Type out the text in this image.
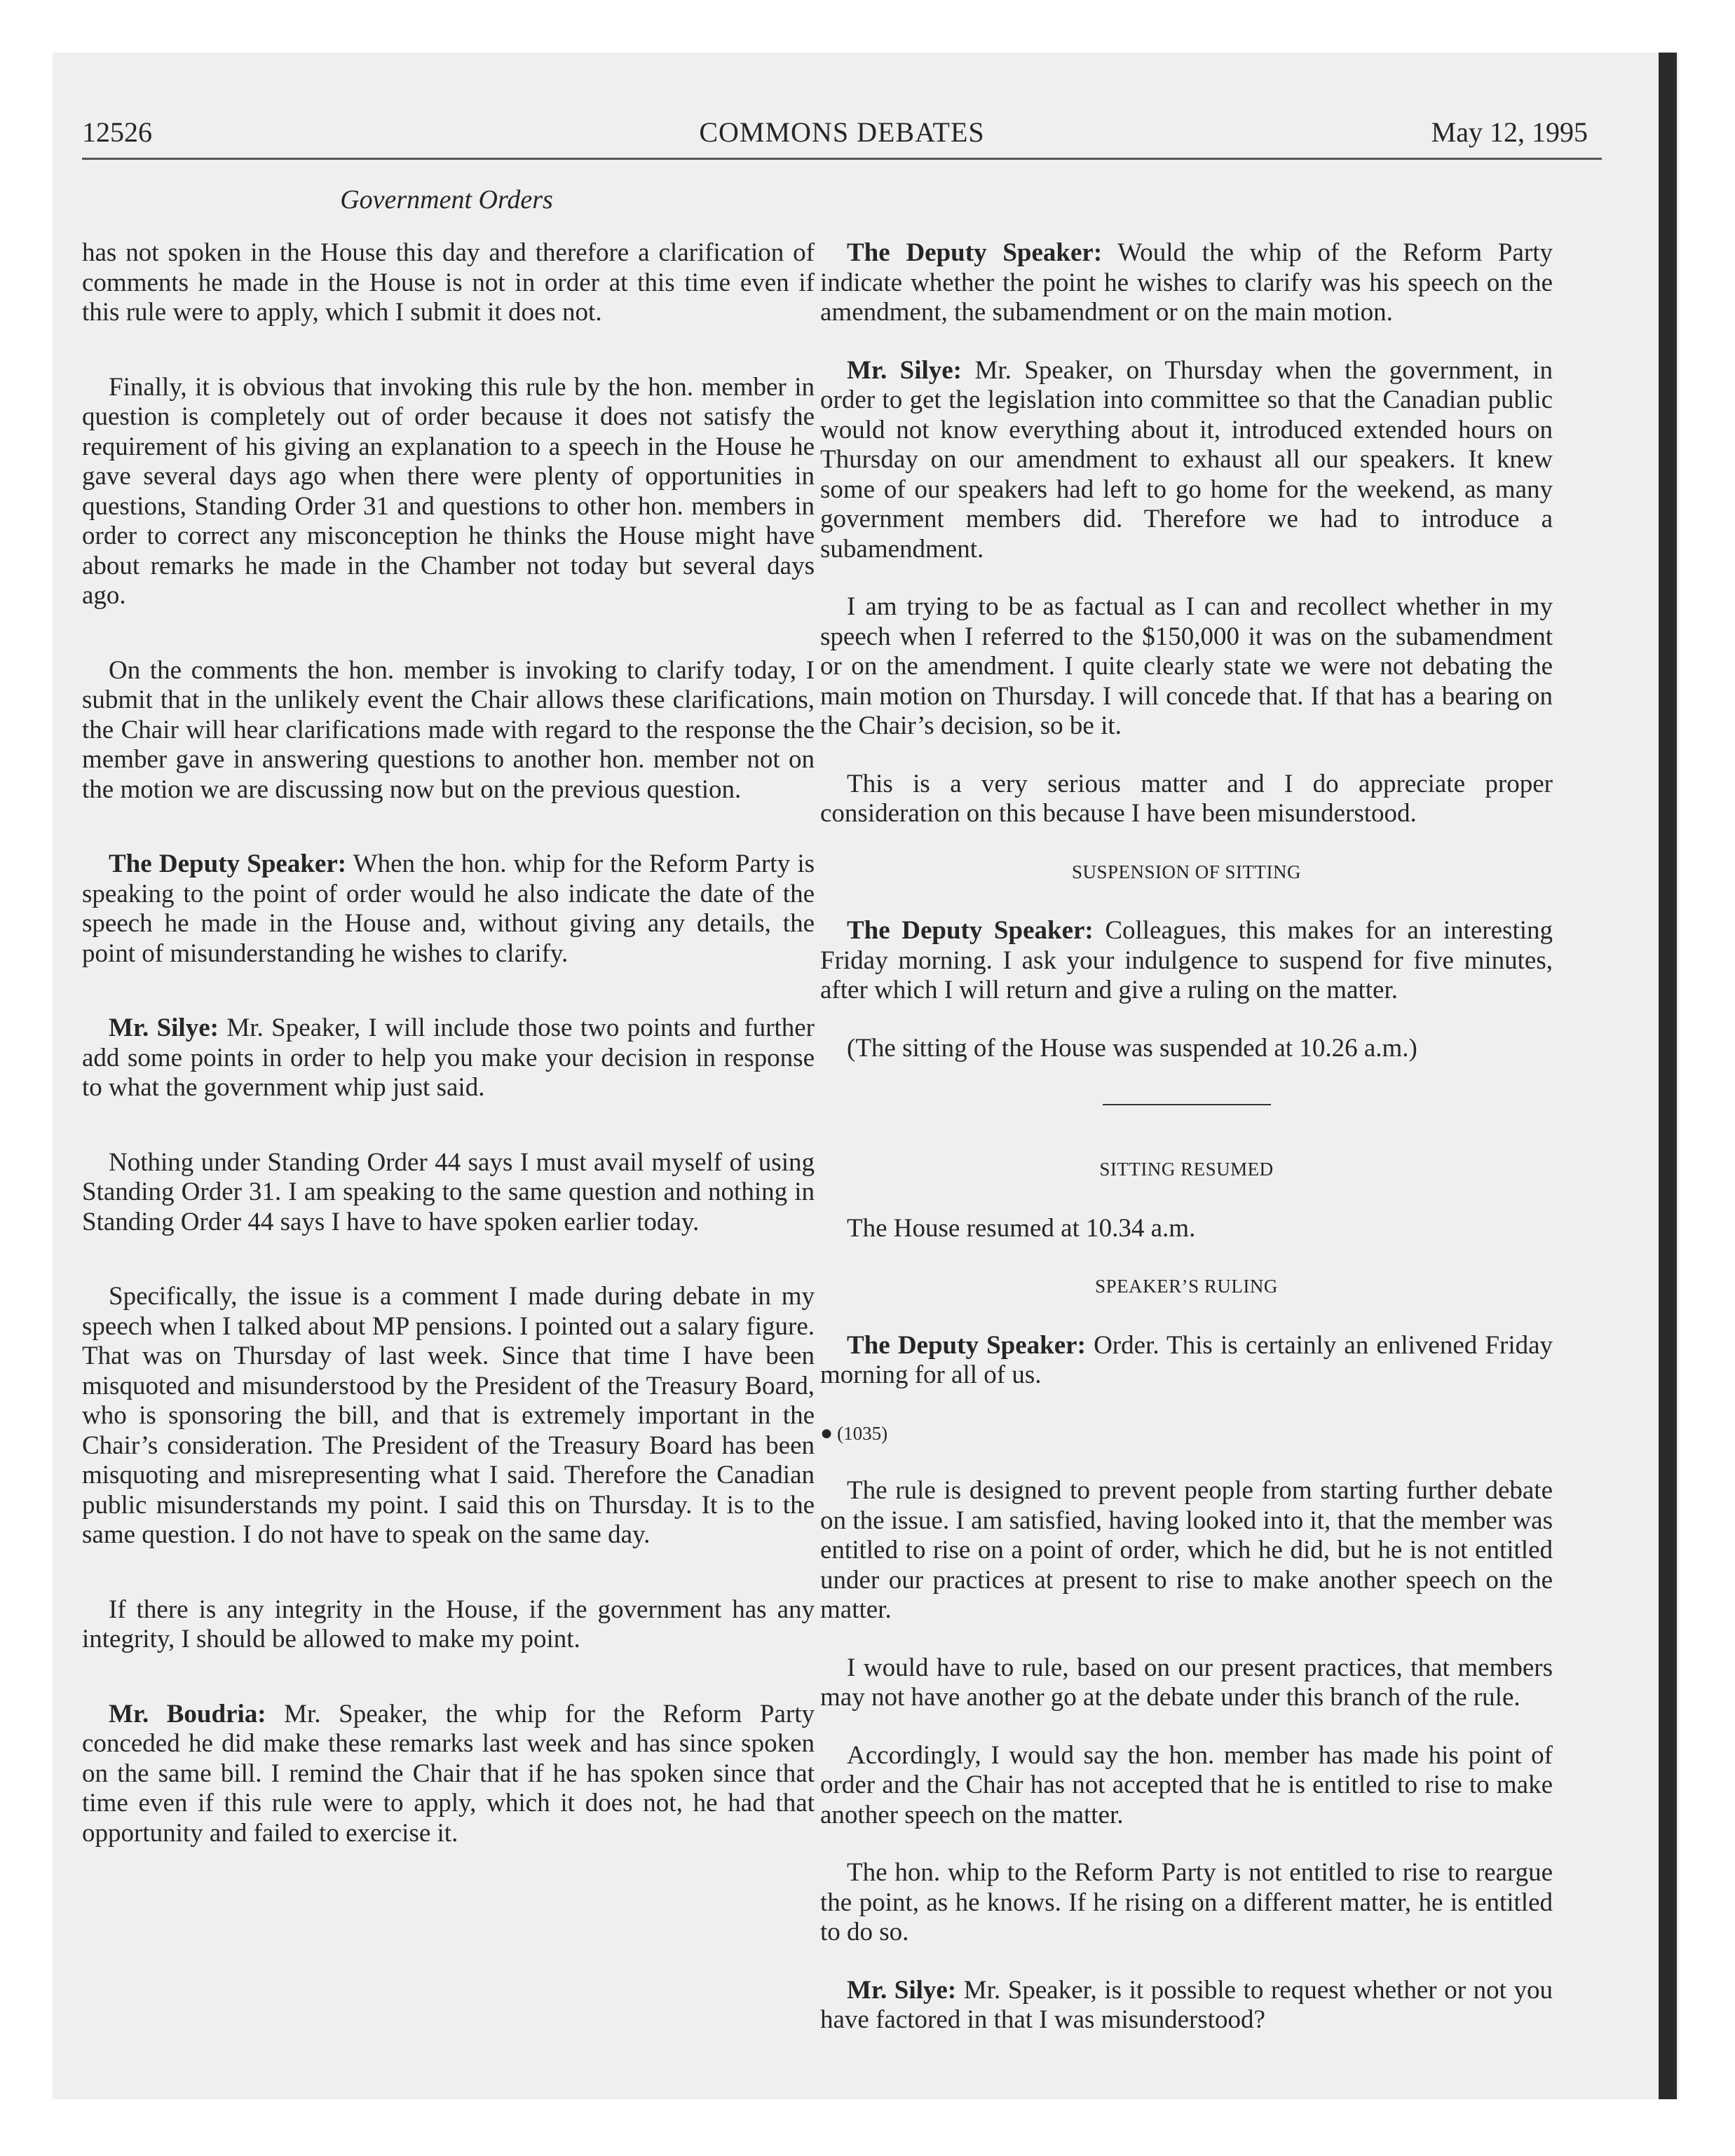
12526	COMMONS DEBATES	May 12, 1995
Government Orders

has not spoken in the House this day and therefore a clarification of comments he made in the House is not in order at this time even if this rule were to apply, which I submit it does not.

Finally, it is obvious that invoking this rule by the hon. member in question is completely out of order because it does not satisfy the requirement of his giving an explanation to a speech in the House he gave several days ago when there were plenty of opportunities in questions, Standing Order 31 and questions to other hon. members in order to correct any misconception he thinks the House might have about remarks he made in the Chamber not today but several days ago.

On the comments the hon. member is invoking to clarify today, I submit that in the unlikely event the Chair allows these clarifications, the Chair will hear clarifications made with regard to the response the member gave in answering questions to another hon. member not on the motion we are discussing now but on the previous question.

The Deputy Speaker: When the hon. whip for the Reform Party is speaking to the point of order would he also indicate the date of the speech he made in the House and, without giving any details, the point of misunderstanding he wishes to clarify.

Mr. Silye: Mr. Speaker, I will include those two points and further add some points in order to help you make your decision in response to what the government whip just said.

Nothing under Standing Order 44 says I must avail myself of using Standing Order 31. I am speaking to the same question and nothing in Standing Order 44 says I have to have spoken earlier today.

Specifically, the issue is a comment I made during debate in my speech when I talked about MP pensions. I pointed out a salary figure. That was on Thursday of last week. Since that time I have been misquoted and misunderstood by the President of the Treasury Board, who is sponsoring the bill, and that is extremely important in the Chair’s consideration. The President of the Treasury Board has been misquoting and misrepresenting what I said. Therefore the Canadian public misunderstands my point. I said this on Thursday. It is to the same question. I do not have to speak on the same day.

If there is any integrity in the House, if the government has any integrity, I should be allowed to make my point.

Mr. Boudria: Mr. Speaker, the whip for the Reform Party conceded he did make these remarks last week and has since spoken on the same bill. I remind the Chair that if he has spoken since that time even if this rule were to apply, which it does not, he had that opportunity and failed to exercise it.

The Deputy Speaker: Would the whip of the Reform Party indicate whether the point he wishes to clarify was his speech on the amendment, the subamendment or on the main motion.

Mr. Silye: Mr. Speaker, on Thursday when the government, in order to get the legislation into committee so that the Canadian public would not know everything about it, introduced extended hours on Thursday on our amendment to exhaust all our speakers. It knew some of our speakers had left to go home for the weekend, as many government members did. Therefore we had to introduce a subamendment.

I am trying to be as factual as I can and recollect whether in my speech when I referred to the $150,000 it was on the subamendment or on the amendment. I quite clearly state we were not debating the main motion on Thursday. I will concede that. If that has a bearing on the Chair’s decision, so be it.

This is a very serious matter and I do appreciate proper consideration on this because I have been misunderstood.

SUSPENSION OF SITTING

The Deputy Speaker: Colleagues, this makes for an interesting Friday morning. I ask your indulgence to suspend for five minutes, after which I will return and give a ruling on the matter.

(The sitting of the House was suspended at 10.26 a.m.)

SITTING RESUMED

The House resumed at 10.34 a.m.

SPEAKER’S RULING

The Deputy Speaker: Order. This is certainly an enlivened Friday morning for all of us.

● (1035)

The rule is designed to prevent people from starting further debate on the issue. I am satisfied, having looked into it, that the member was entitled to rise on a point of order, which he did, but he is not entitled under our practices at present to rise to make another speech on the matter.

I would have to rule, based on our present practices, that members may not have another go at the debate under this branch of the rule.

Accordingly, I would say the hon. member has made his point of order and the Chair has not accepted that he is entitled to rise to make another speech on the matter.

The hon. whip to the Reform Party is not entitled to rise to reargue the point, as he knows. If he rising on a different matter, he is entitled to do so.

Mr. Silye: Mr. Speaker, is it possible to request whether or not you have factored in that I was misunderstood?
